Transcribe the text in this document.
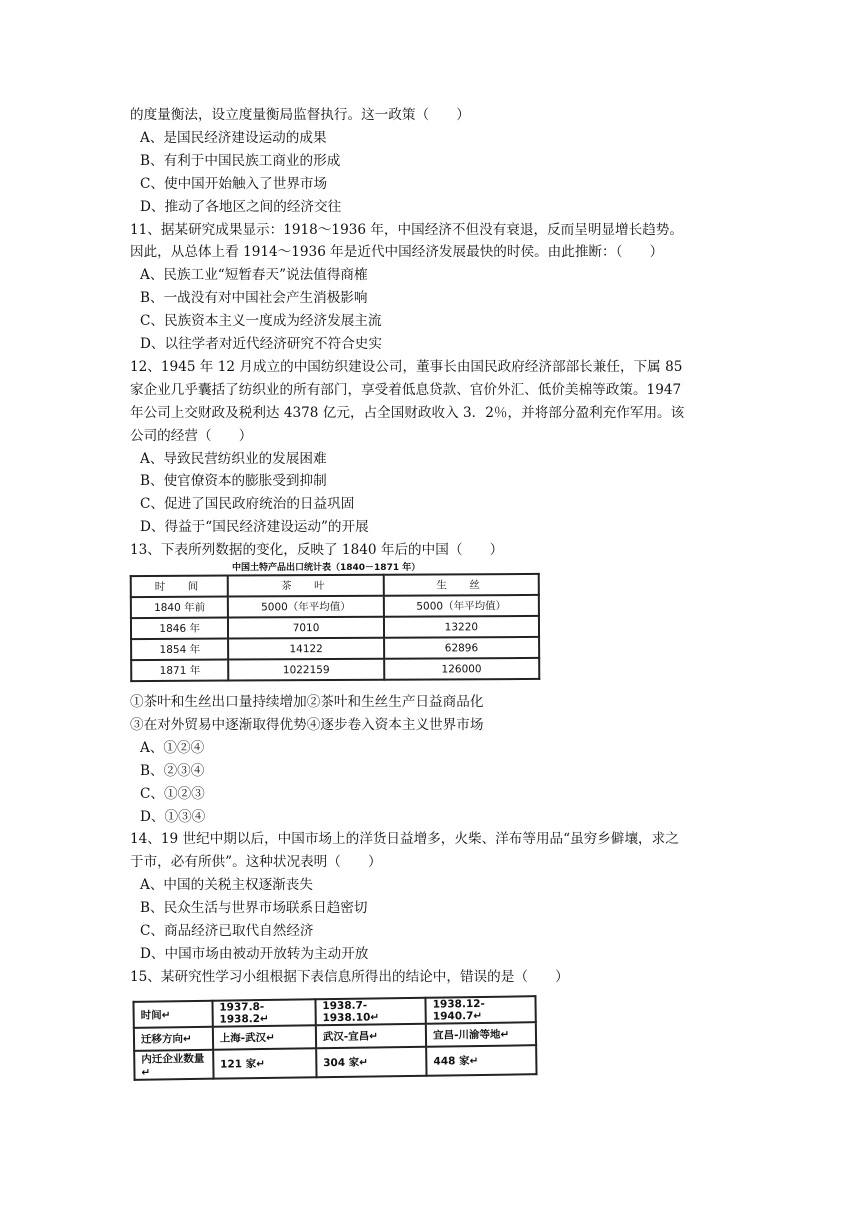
的度量衡法，设立度量衡局监督执行。这一政策（　　）
A、是国民经济建设运动的成果
B、有利于中国民族工商业的形成
C、使中国开始触入了世界市场
D、推动了各地区之间的经济交往
11、据某研究成果显示：1918～1936 年，中国经济不但没有衰退，反而呈明显增长趋势。
因此，从总体上看 1914～1936 年是近代中国经济发展最快的时侯。由此推断：（　　）
A、民族工业“短暂春天”说法值得商榷
B、一战没有对中国社会产生消极影响
C、民族资本主义一度成为经济发展主流
D、以往学者对近代经济研究不符合史实
12、1945 年 12 月成立的中国纺织建设公司，董事长由国民政府经济部部长兼任，下属 85
家企业几乎囊括了纺织业的所有部门，享受着低息贷款、官价外汇、低价美棉等政策。1947
年公司上交财政及税利达 4378 亿元，占全国财政收入 3．2％，并将部分盈利充作军用。该
公司的经营（　　）
A、导致民营纺织业的发展困难
B、使官僚资本的膨胀受到抑制
C、促进了国民政府统治的日益巩固
D、得益于“国民经济建设运动”的开展
13、下表所列数据的变化，反映了 1840 年后的中国（　　）
中国土特产品出口统计表（1840－1871 年）
时　间	茶　叶	生　丝
1840 年前	5000（年平均值）	5000（年平均值）
1846 年	7010	13220
1854 年	14122	62896
1871 年	1022159	126000
①茶叶和生丝出口量持续增加②茶叶和生丝生产日益商品化
③在对外贸易中逐渐取得优势④逐步卷入资本主义世界市场
A、①②④
B、②③④
C、①②③
D、①③④
14、19 世纪中期以后，中国市场上的洋货日益增多，火柴、洋布等用品“虽穷乡僻壤，求之
于市，必有所供”。这种状况表明（　　）
A、中国的关税主权逐渐丧失
B、民众生活与世界市场联系日趋密切
C、商品经济已取代自然经济
D、中国市场由被动开放转为主动开放
15、某研究性学习小组根据下表信息所得出的结论中，错误的是（　　）
时间↵	1937.8-1938.2↵	1938.7-1938.10↵	1938.12-1940.7↵
迁移方向↵	上海-武汉↵	武汉-宜昌↵	宜昌-川渝等地↵
内迁企业数量↵	121 家↵	304 家↵	448 家↵
